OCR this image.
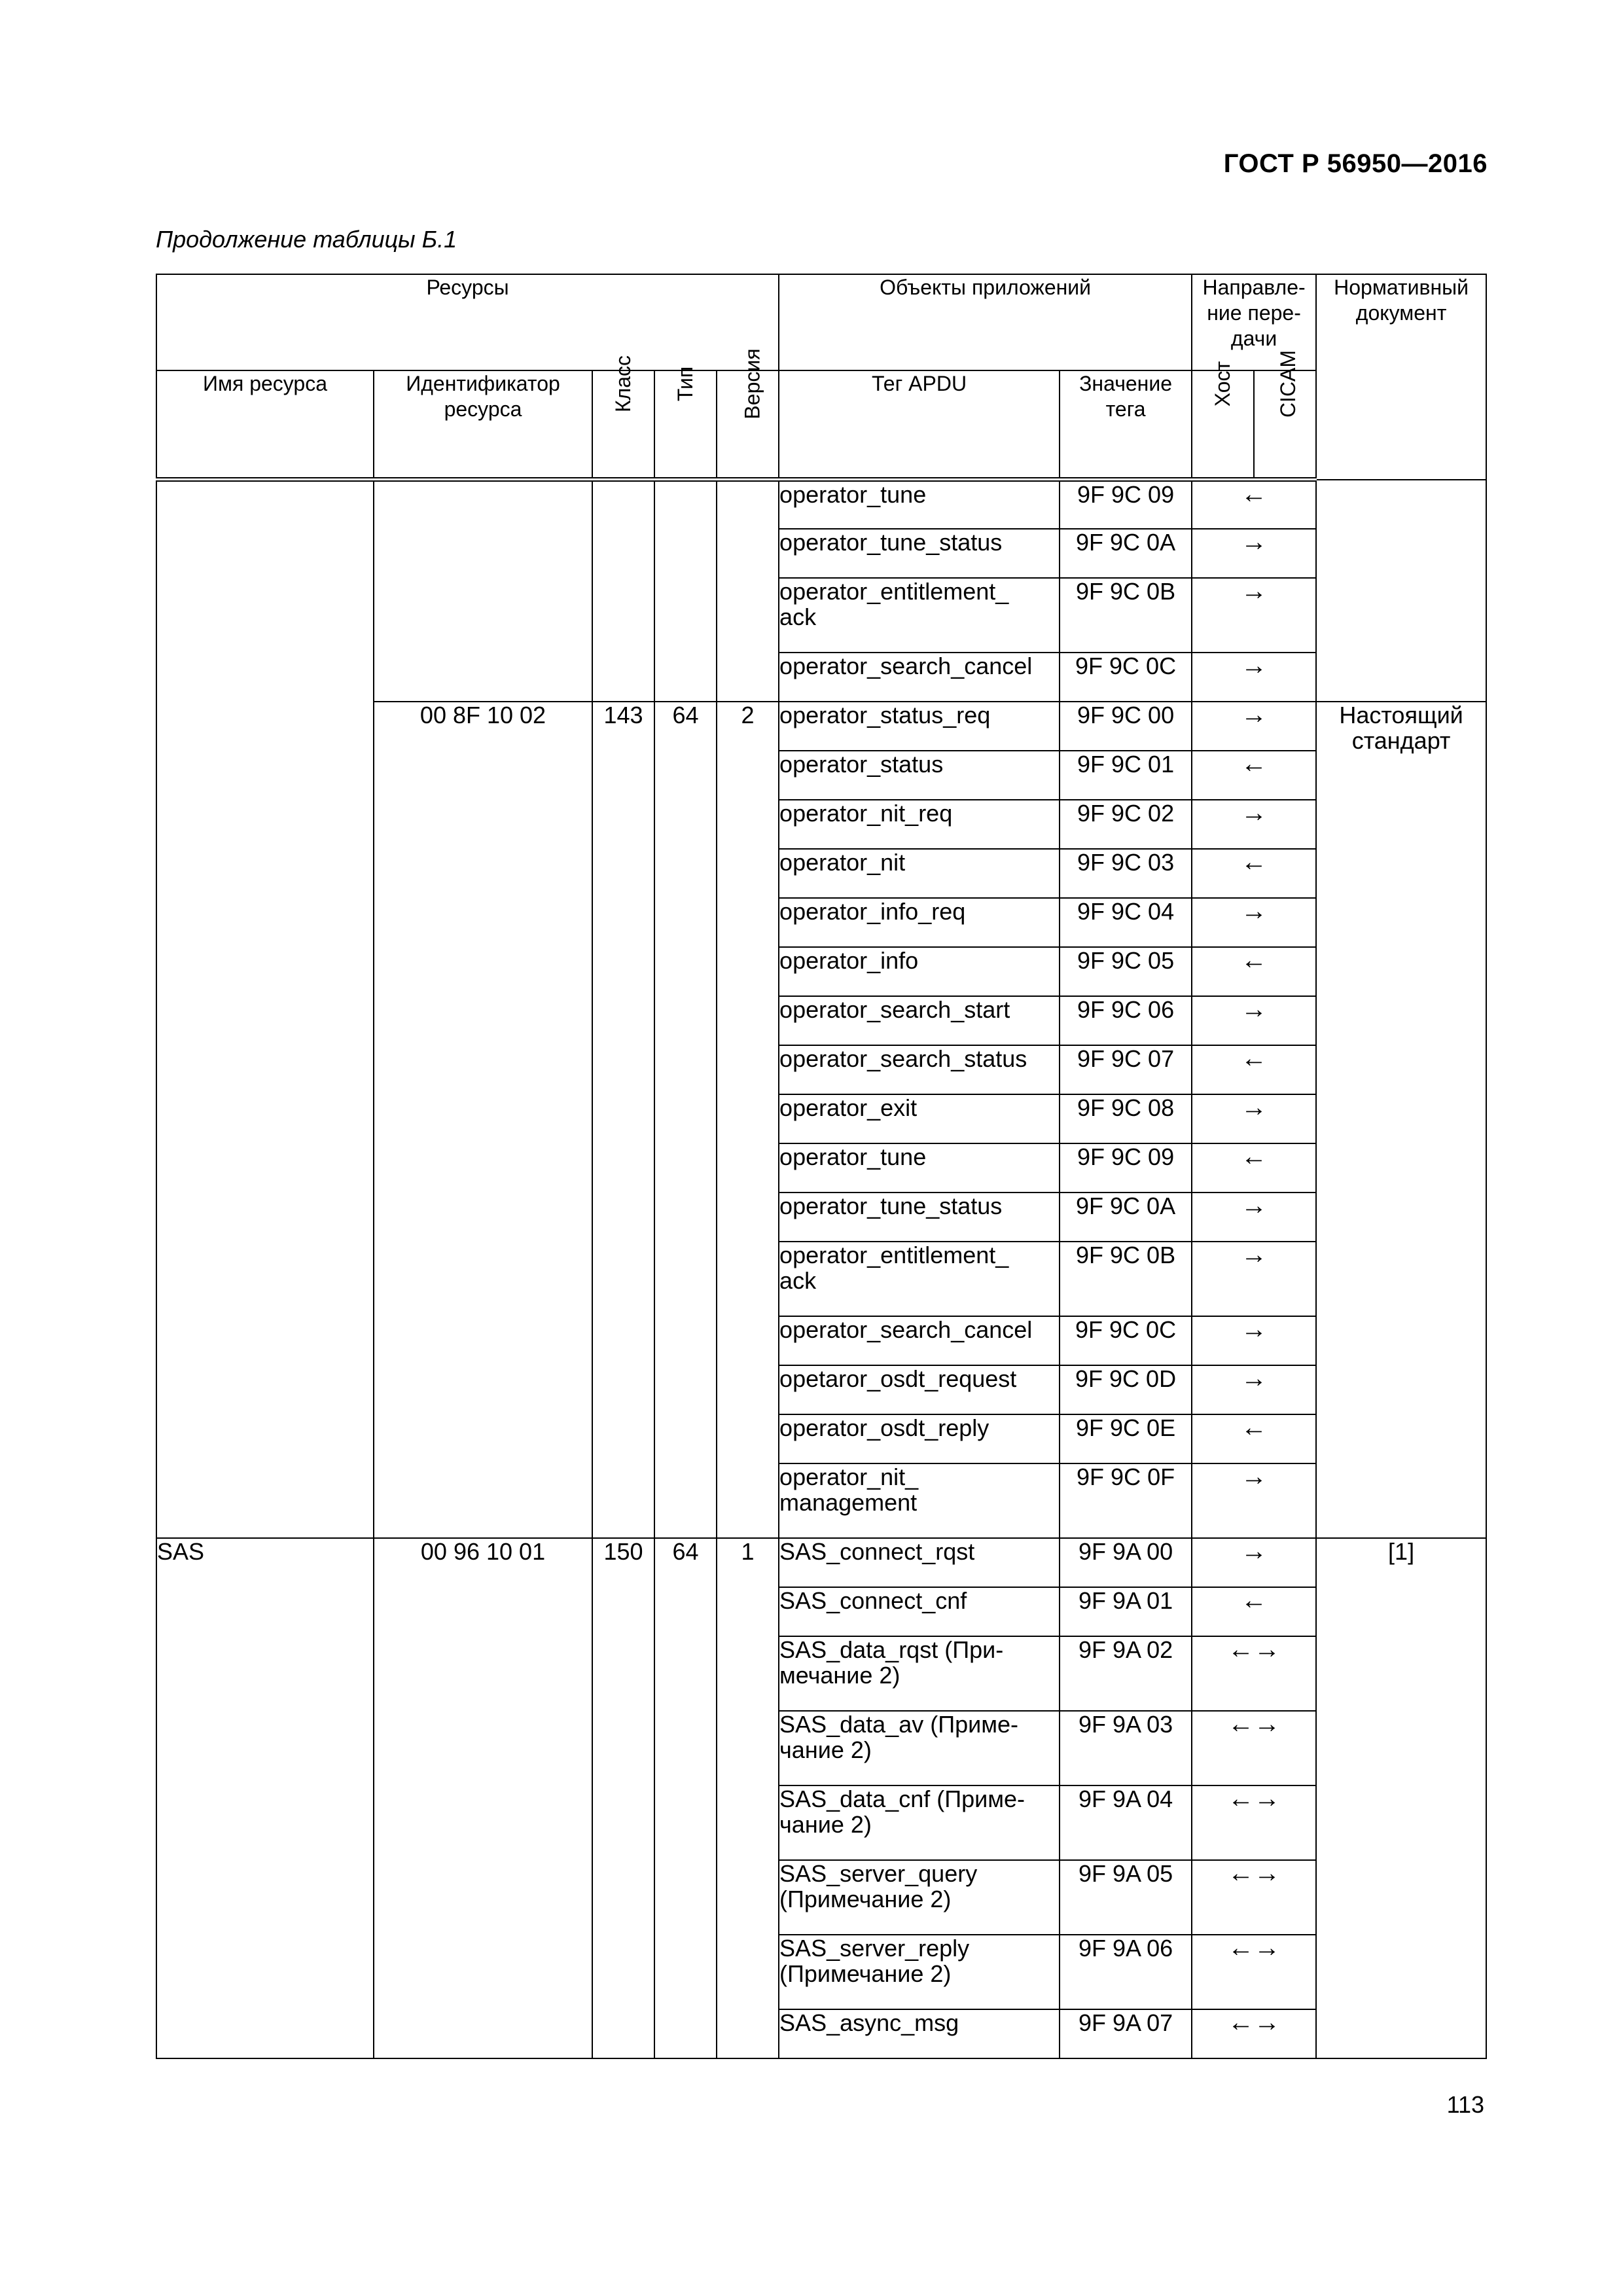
ГОСТ Р 56950—2016
Продолжение таблицы Б.1
Ресурсы					Объекты приложений		Направле-
ние пере-
дачи		Нормативный
документ
Имя ресурса	Идентификатор
ресурса	Класс	Тип	Версия	Тег APDU	Значение
тега	Хост	CICAM	
					operator_tune	9F 9C 09	←		
					operator_tune_status	9F 9C 0A	→		
					operator_entitlement_
ack	9F 9C 0B	→		
					operator_search_cancel	9F 9C 0C	→		
	00 8F 10 02	143	64	2	operator_status_req	9F 9C 00	→		Настоящий
стандарт
					operator_status	9F 9C 01	←		
					operator_nit_req	9F 9C 02	→		
					operator_nit	9F 9C 03	←		
					operator_info_req	9F 9C 04	→		
					operator_info	9F 9C 05	←		
					operator_search_start	9F 9C 06	→		
					operator_search_status	9F 9C 07	←		
					operator_exit	9F 9C 08	→		
					operator_tune	9F 9C 09	←		
					operator_tune_status	9F 9C 0A	→		
					operator_entitlement_
ack	9F 9C 0B	→		
					operator_search_cancel	9F 9C 0C	→		
					opetaror_osdt_request	9F 9C 0D	→		
					operator_osdt_reply	9F 9C 0E	←		
					operator_nit_
management	9F 9C 0F	→		
SAS	00 96 10 01	150	64	1	SAS_connect_rqst	9F 9A 00	→		[1]
					SAS_connect_cnf	9F 9A 01	←		
					SAS_data_rqst (При-
мечание 2)	9F 9A 02	←→		
					SAS_data_av (Приме-
чание 2)	9F 9A 03	←→		
					SAS_data_cnf (Приме-
чание 2)	9F 9A 04	←→		
					SAS_server_query
(Примечание 2)	9F 9A 05	←→		
					SAS_server_reply
(Примечание 2)	9F 9A 06	←→		
					SAS_async_msg	9F 9A 07	←→		
113
